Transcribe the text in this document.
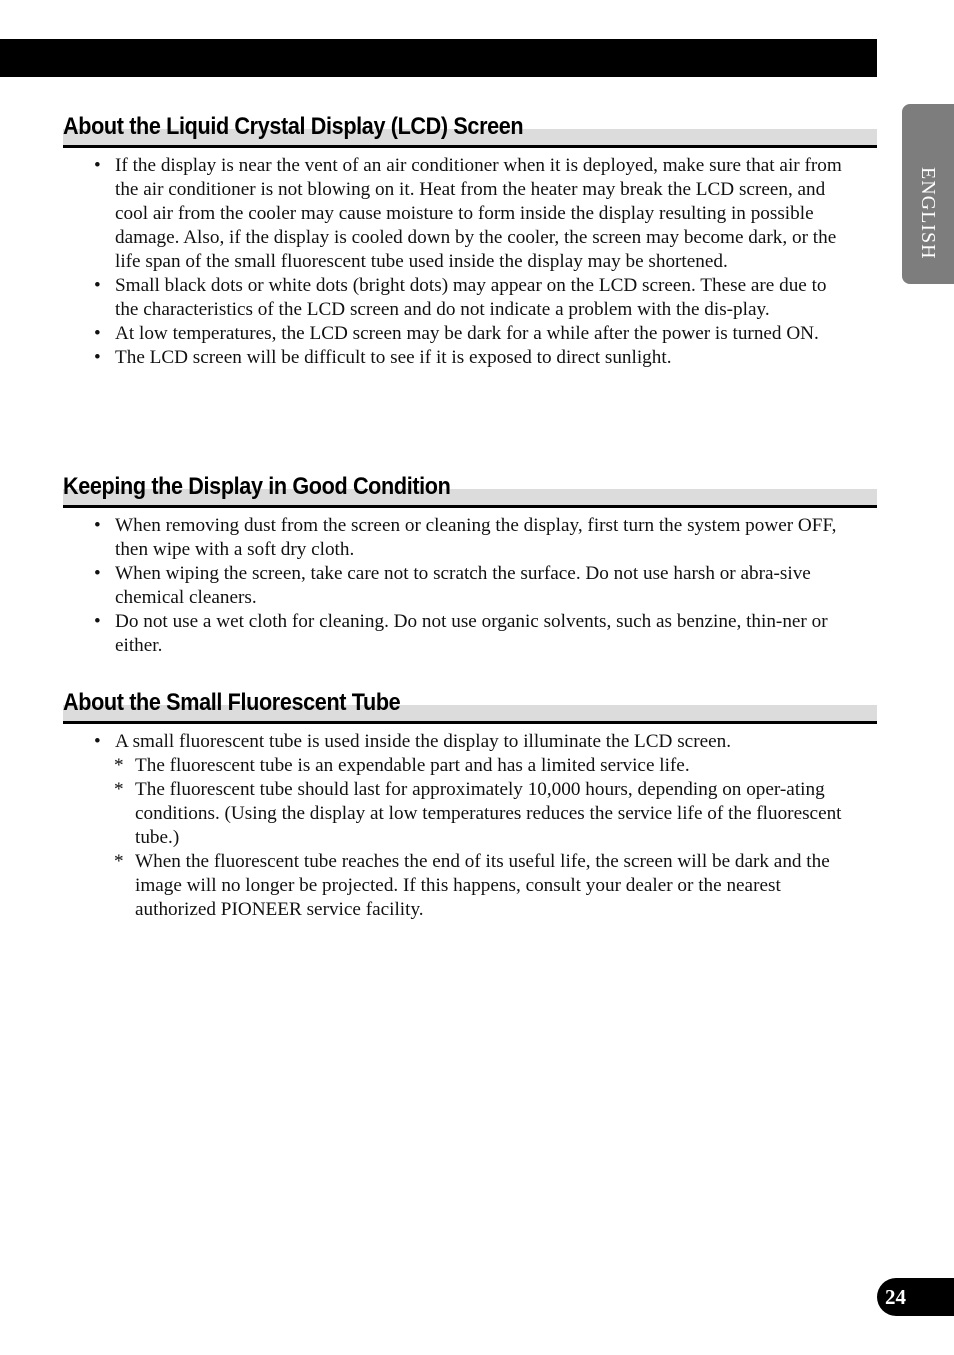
ENGLISH
About the Liquid Crystal Display (LCD) Screen
• If the display is near the vent of an air conditioner when it is deployed, make sure that air from the air conditioner is not blowing on it. Heat from the heater may break the LCD screen, and cool air from the cooler may cause moisture to form inside the display resulting in possible damage. Also, if the display is cooled down by the cooler, the screen may become dark, or the life span of the small fluorescent tube used inside the display may be shortened.
• Small black dots or white dots (bright dots) may appear on the LCD screen. These are due to the characteristics of the LCD screen and do not indicate a problem with the dis-play.
• At low temperatures, the LCD screen may be dark for a while after the power is turned ON.
• The LCD screen will be difficult to see if it is exposed to direct sunlight.
Keeping the Display in Good Condition
• When removing dust from the screen or cleaning the display, first turn the system power OFF, then wipe with a soft dry cloth.
• When wiping the screen, take care not to scratch the surface. Do not use harsh or abra-sive chemical cleaners.
• Do not use a wet cloth for cleaning. Do not use organic solvents, such as benzine, thin-ner or either.
About the Small Fluorescent Tube
• A small fluorescent tube is used inside the display to illuminate the LCD screen.
* The fluorescent tube is an expendable part and has a limited service life.
* The fluorescent tube should last for approximately 10,000 hours, depending on oper-ating conditions. (Using the display at low temperatures reduces the service life of the fluorescent tube.)
* When the fluorescent tube reaches the end of its useful life, the screen will be dark and the image will no longer be projected. If this happens, consult your dealer or the nearest authorized PIONEER service facility.
24
